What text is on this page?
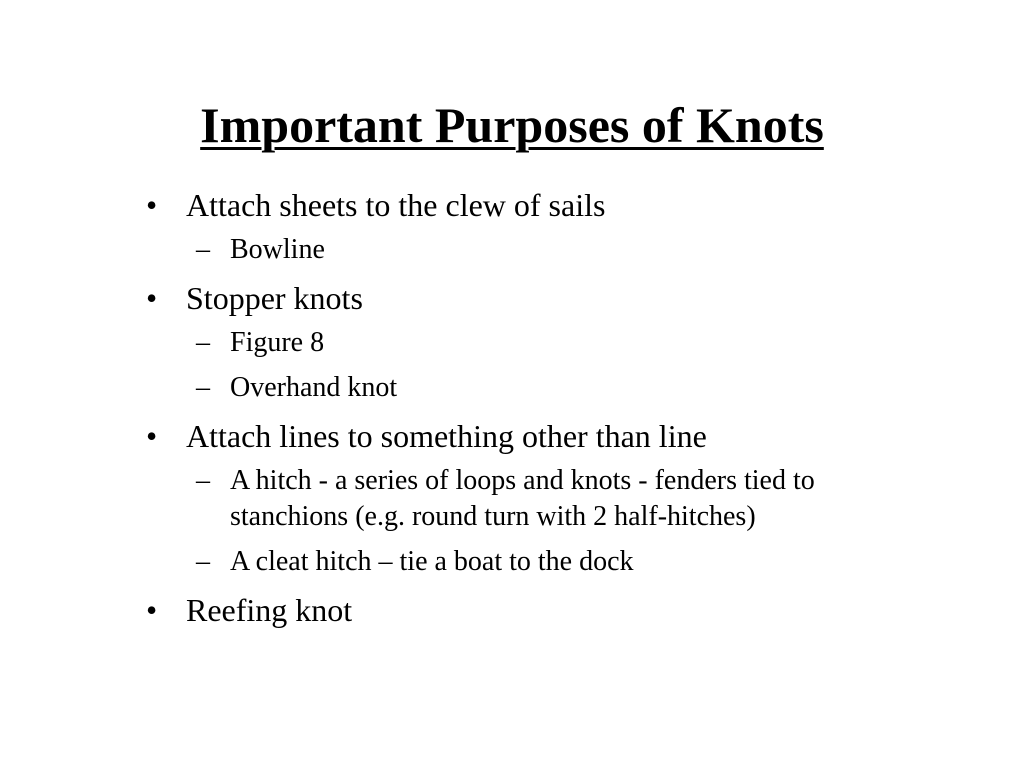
Important Purposes of Knots
• Attach sheets to the clew of sails
– Bowline
• Stopper knots
– Figure 8
– Overhand knot
• Attach lines to something other than line
– A hitch - a series of loops and knots - fenders tied to stanchions (e.g. round turn with 2 half-hitches)
– A cleat hitch – tie a boat to the dock
• Reefing knot
